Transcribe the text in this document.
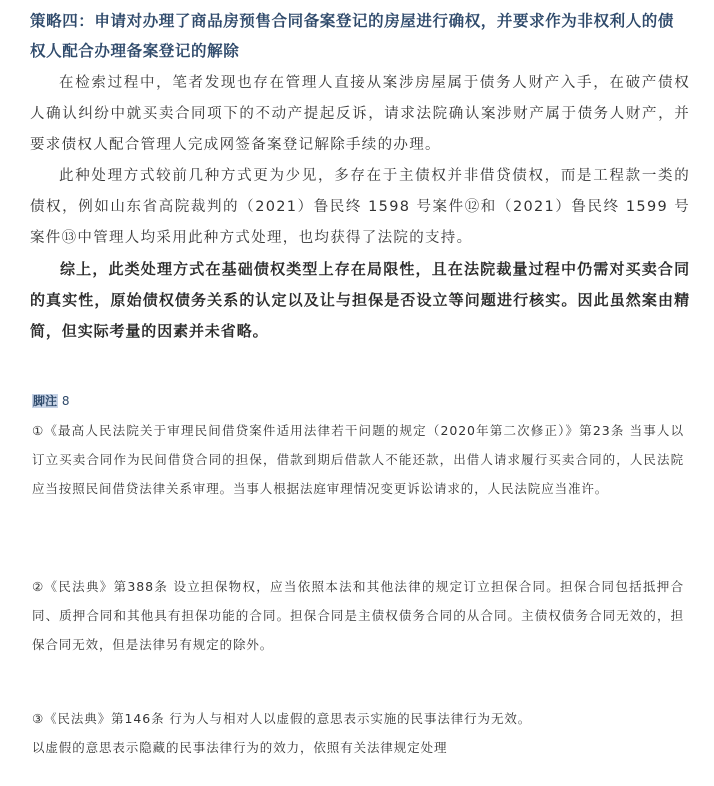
策略四：申请对办理了商品房预售合同备案登记的房屋进行确权，并要求作为非权利人的债权人配合办理备案登记的解除

在检索过程中，笔者发现也存在管理人直接从案涉房屋属于债务人财产入手，在破产债权人确认纠纷中就买卖合同项下的不动产提起反诉，请求法院确认案涉财产属于债务人财产，并要求债权人配合管理人完成网签备案登记解除手续的办理。

此种处理方式较前几种方式更为少见，多存在于主债权并非借贷债权，而是工程款一类的债权，例如山东省高院裁判的（2021）鲁民终 1598 号案件⑫和（2021）鲁民终 1599 号案件⑬中管理人均采用此种方式处理，也均获得了法院的支持。

综上，此类处理方式在基础债权类型上存在局限性，且在法院裁量过程中仍需对买卖合同的真实性，原始债权债务关系的认定以及让与担保是否设立等问题进行核实。因此虽然案由精简，但实际考量的因素并未省略。

脚注 8

①《最高人民法院关于审理民间借贷案件适用法律若干问题的规定（2020年第二次修正）》第23条 当事人以订立买卖合同作为民间借贷合同的担保，借款到期后借款人不能还款，出借人请求履行买卖合同的，人民法院应当按照民间借贷法律关系审理。当事人根据法庭审理情况变更诉讼请求的，人民法院应当准许。

②《民法典》第388条 设立担保物权，应当依照本法和其他法律的规定订立担保合同。担保合同包括抵押合同、质押合同和其他具有担保功能的合同。担保合同是主债权债务合同的从合同。主债权债务合同无效的，担保合同无效，但是法律另有规定的除外。

③《民法典》第146条 行为人与相对人以虚假的意思表示实施的民事法律行为无效。

以虚假的意思表示隐藏的民事法律行为的效力，依照有关法律规定处理
